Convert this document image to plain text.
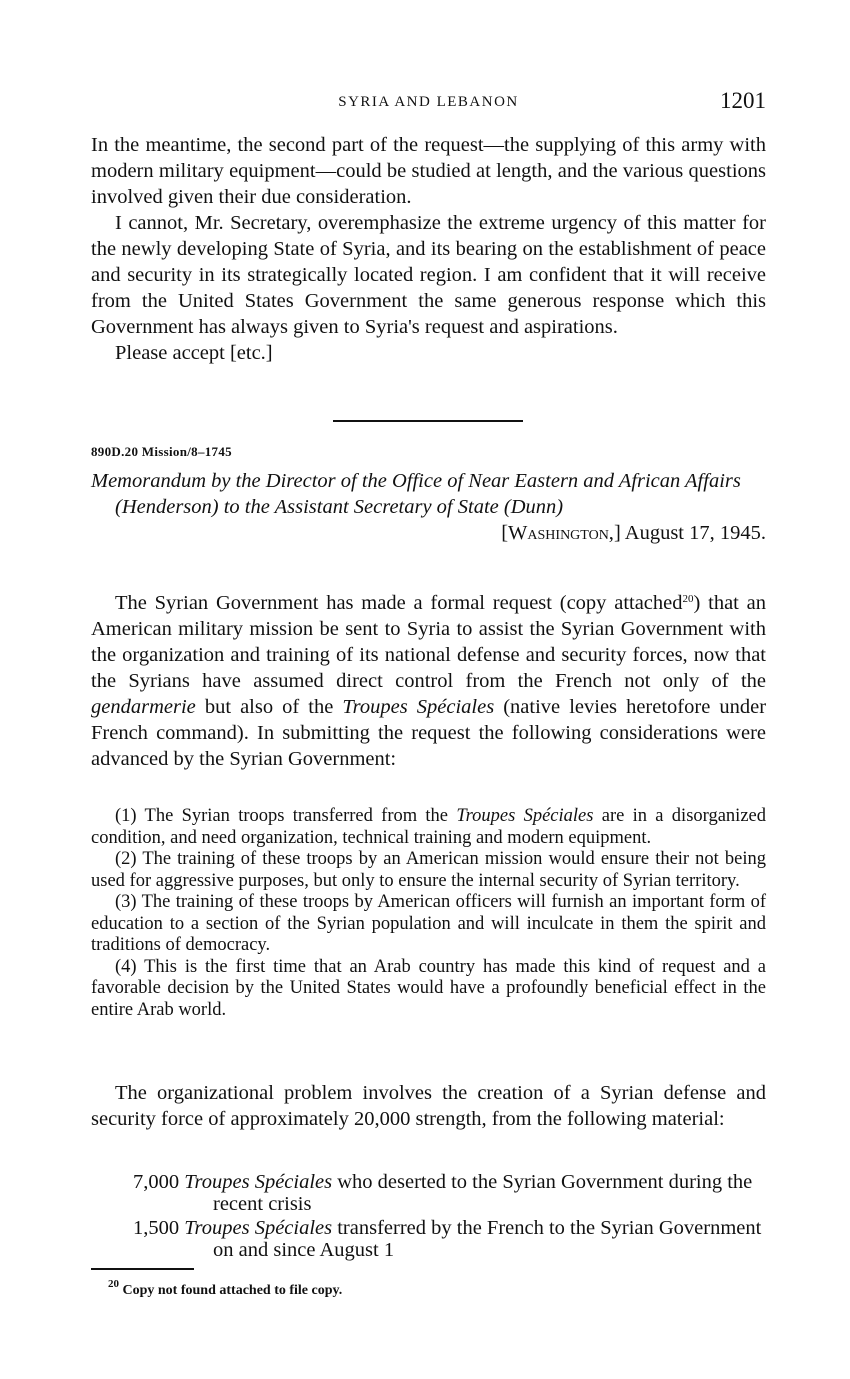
SYRIA AND LEBANON	1201

In the meantime, the second part of the request—the supplying of this army with modern military equipment—could be studied at length, and the various questions involved given their due consideration.

I cannot, Mr. Secretary, overemphasize the extreme urgency of this matter for the newly developing State of Syria, and its bearing on the establishment of peace and security in its strategically located region. I am confident that it will receive from the United States Government the same generous response which this Government has always given to Syria's request and aspirations.

Please accept [etc.]

890D.20 Mission/8–1745

Memorandum by the Director of the Office of Near Eastern and African Affairs (Henderson) to the Assistant Secretary of State (Dunn)

[Washington,] August 17, 1945.

The Syrian Government has made a formal request (copy attached$^{20}$) that an American military mission be sent to Syria to assist the Syrian Government with the organization and training of its national defense and security forces, now that the Syrians have assumed direct control from the French not only of the gendarmerie but also of the Troupes Spéciales (native levies heretofore under French command). In submitting the request the following considerations were advanced by the Syrian Government:

(1) The Syrian troops transferred from the Troupes Spéciales are in a disorganized condition, and need organization, technical training and modern equipment.

(2) The training of these troops by an American mission would ensure their not being used for aggressive purposes, but only to ensure the internal security of Syrian territory.

(3) The training of these troops by American officers will furnish an important form of education to a section of the Syrian population and will inculcate in them the spirit and traditions of democracy.

(4) This is the first time that an Arab country has made this kind of request and a favorable decision by the United States would have a profoundly beneficial effect in the entire Arab world.

The organizational problem involves the creation of a Syrian defense and security force of approximately 20,000 strength, from the following material:

7,000 Troupes Spéciales who deserted to the Syrian Government during the recent crisis
1,500 Troupes Spéciales transferred by the French to the Syrian Government on and since August 1
$^{20}$ Copy not found attached to file copy.
